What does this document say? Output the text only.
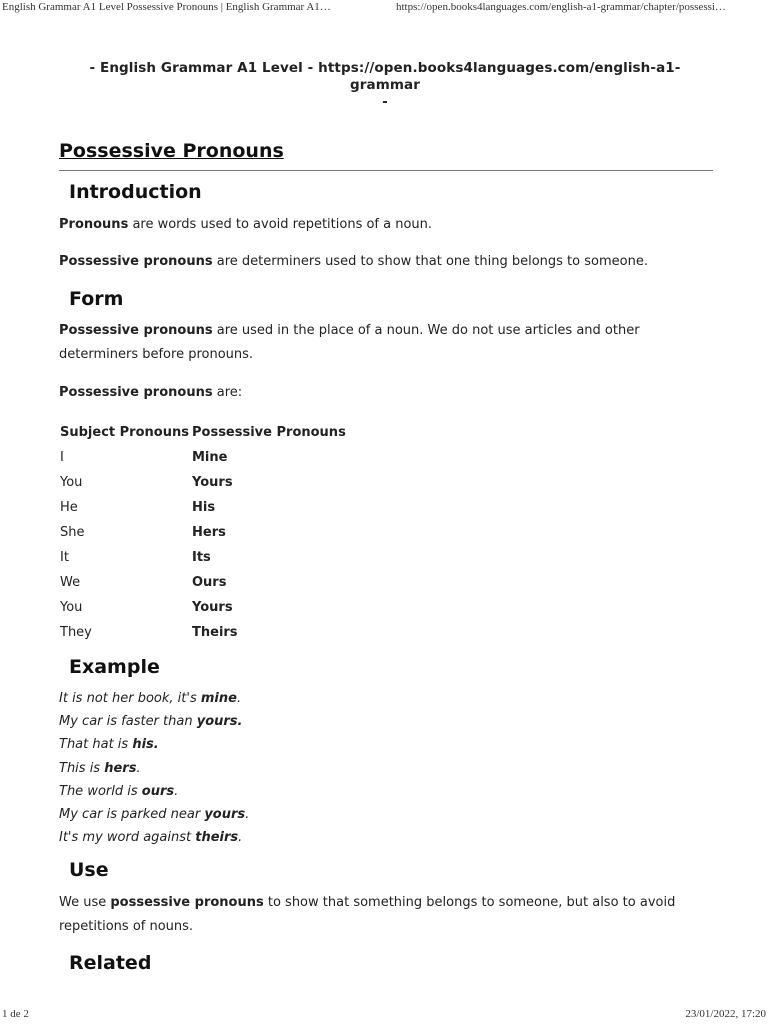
English Grammar A1 Level Possessive Pronouns | English Grammar A1…	https://open.books4languages.com/english-a1-grammar/chapter/possessi…
- English Grammar A1 Level - https://open.books4languages.com/english-a1-grammar
-
Possessive Pronouns
Introduction

Pronouns are words used to avoid repetitions of a noun.

Possessive pronouns are determiners used to show that one thing belongs to someone.

Form

Possessive pronouns are used in the place of a noun. We do not use articles and other determiners before pronouns.

Possessive pronouns are:

Subject Pronouns	Possessive Pronouns
I	Mine
You	Yours
He	His
She	Hers
It	Its
We	Ours
You	Yours
They	Theirs
Example
It is not her book, it's mine.
My car is faster than yours.
That hat is his.
This is hers.
The world is ours.
My car is parked near yours.
It's my word against theirs.
Use

We use possessive pronouns to show that something belongs to someone, but also to avoid repetitions of nouns.

Related
1 de 2	23/01/2022, 17:20
